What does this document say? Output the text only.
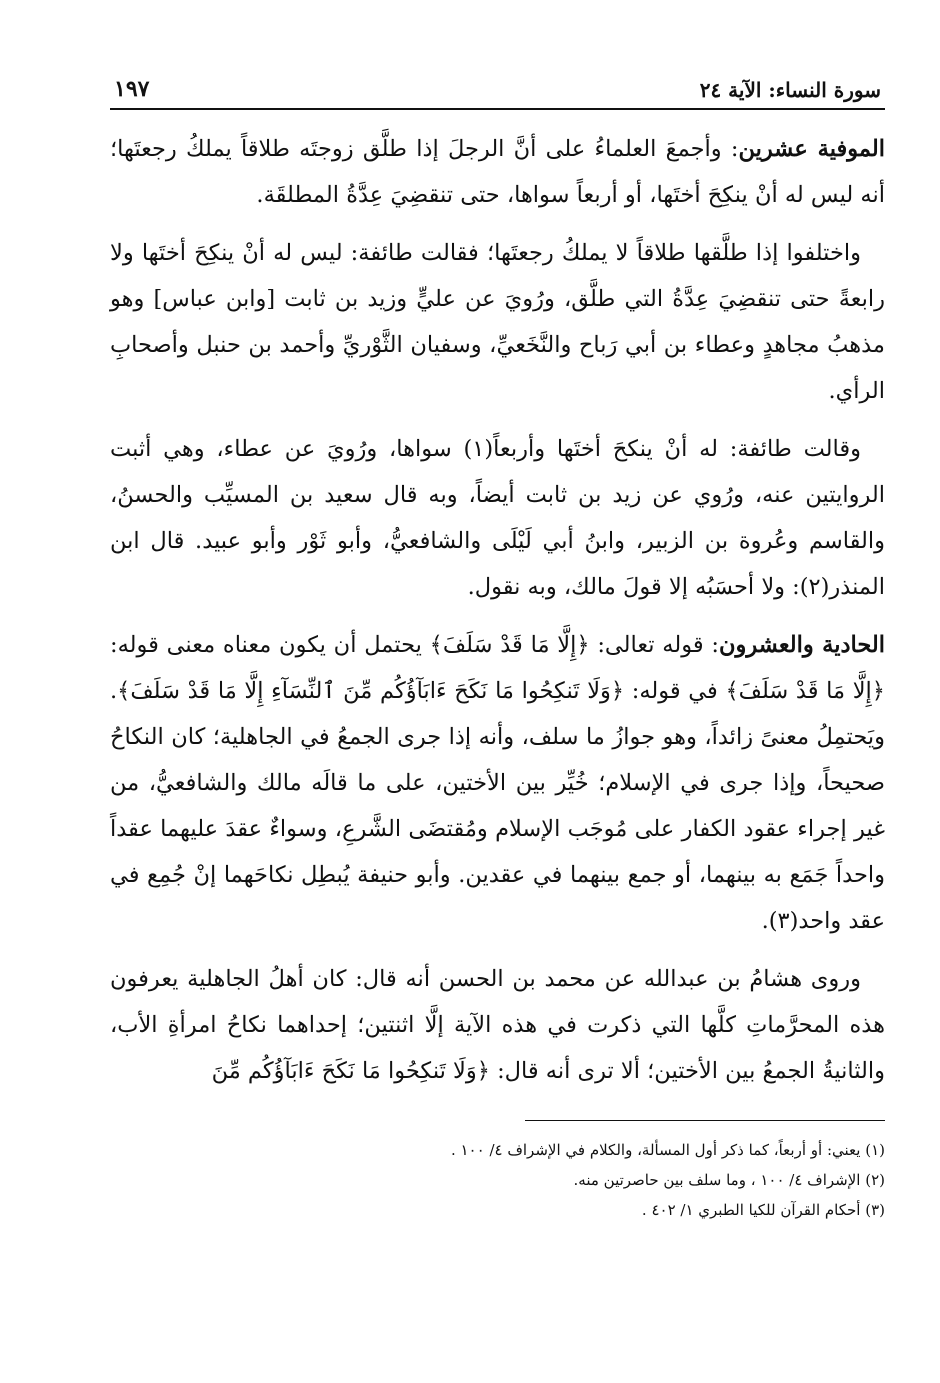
سورة النساء: الآية ٢٤
١٩٧

الموفية عشرين: وأجمعَ العلماءُ على أنَّ الرجلَ إذا طلَّق زوجتَه طلاقاً يملكُ رجعتَها؛ أنه ليس له أنْ ينكِحَ أختَها، أو أربعاً سواها، حتى تنقضِيَ عِدَّةُ المطلقَة.

واختلفوا إذا طلَّقها طلاقاً لا يملكُ رجعتَها؛ فقالت طائفة: ليس له أنْ ينكِحَ أختَها ولا رابعةً حتى تنقضِيَ عِدَّةُ التي طلَّق، ورُويَ عن عليٍّ وزيد بن ثابت [وابن عباس] وهو مذهبُ مجاهدٍ وعطاء بن أبي رَباح والنَّخَعيِّ، وسفيان الثَّوْريِّ وأحمد بن حنبل وأصحابِ الرأي.

وقالت طائفة: له أنْ ينكحَ أختَها وأربعاً(١) سواها، ورُويَ عن عطاء، وهي أثبت الروايتين عنه، ورُوي عن زيد بن ثابت أيضاً، وبه قال سعيد بن المسيِّب والحسنُ، والقاسم وعُروة بن الزبير، وابنُ أبي لَيْلَى والشافعيُّ، وأبو ثَوْر وأبو عبيد. قال ابن المنذر(٢): ولا أحسَبُه إلا قولَ مالك، وبه نقول.

الحادية والعشرون: قوله تعالى: ﴿إِلَّا مَا قَدْ سَلَفَ﴾ يحتمل أن يكون معناه معنى قوله: ﴿إِلَّا مَا قَدْ سَلَفَ﴾ في قوله: ﴿وَلَا تَنكِحُوا مَا نَكَحَ ءَابَآؤُكُم مِّنَ ٱلنِّسَآءِ إِلَّا مَا قَدْ سَلَفَ﴾. ويَحتمِلُ معنىً زائداً، وهو جوازُ ما سلف، وأنه إذا جرى الجمعُ في الجاهلية؛ كان النكاحُ صحيحاً، وإذا جرى في الإسلام؛ خُيِّر بين الأختين، على ما قالَه مالك والشافعيُّ، من غير إجراء عقود الكفار على مُوجَب الإسلام ومُقتضَى الشَّرعِ، وسواءٌ عقدَ عليهما عقداً واحداً جَمَع به بينهما، أو جمع بينهما في عقدين. وأبو حنيفة يُبطِل نكاحَهما إنْ جُمِع في عقد واحد(٣).

وروى هشامُ بن عبدالله عن محمد بن الحسن أنه قال: كان أهلُ الجاهلية يعرفون هذه المحرَّماتِ كلَّها التي ذكرت في هذه الآية إلَّا اثنتين؛ إحداهما نكاحُ امرأةِ الأب، والثانيةُ الجمعُ بين الأختين؛ ألا ترى أنه قال: ﴿وَلَا تَنكِحُوا مَا نَكَحَ ءَابَآؤُكُم مِّنَ

(١) يعني: أو أربعاً، كما ذكر أول المسألة، والكلام في الإشراف ٤/ ١٠٠ .

(٢) الإشراف ٤/ ١٠٠ ، وما سلف بين حاصرتين منه.

(٣) أحكام القرآن للكيا الطبري ١/ ٤٠٢ .
